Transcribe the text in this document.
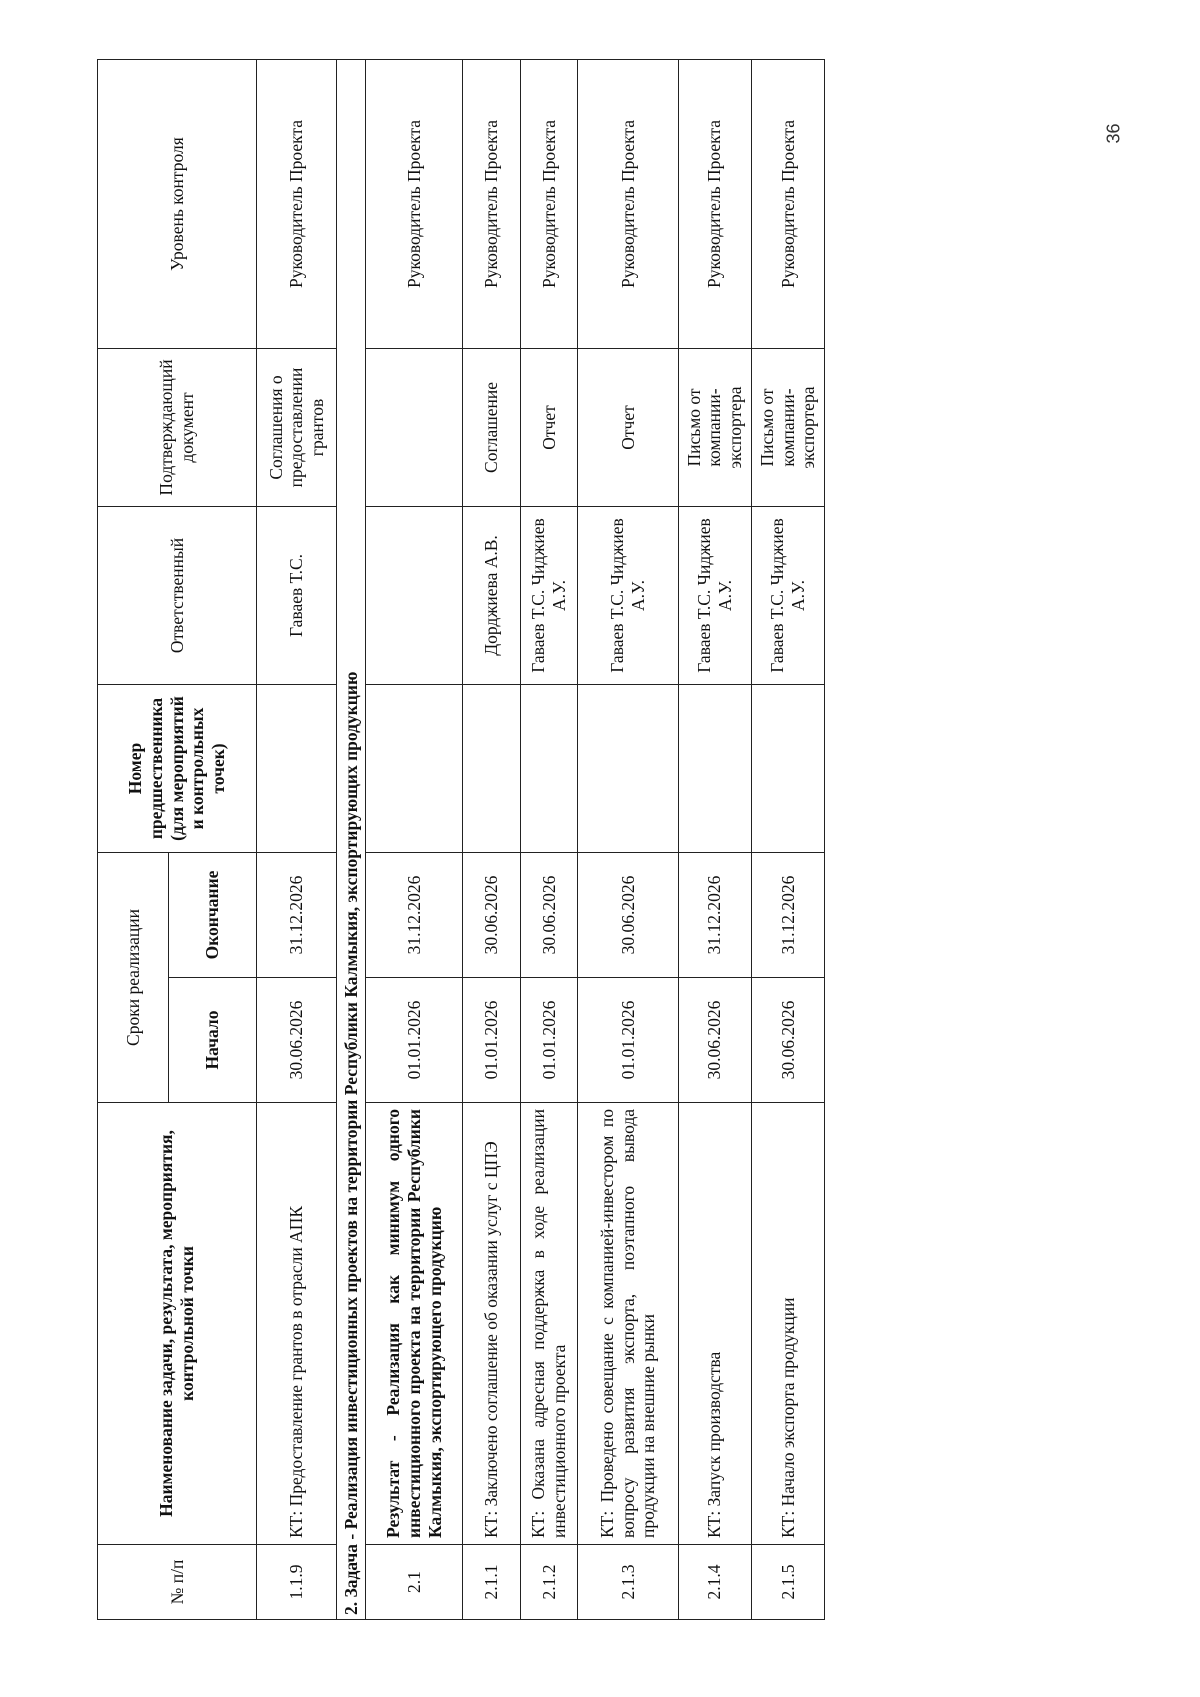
№ п/п	Наименование задачи, результата, мероприятия, контрольной точки	Сроки реализации		Номер предшественника (для мероприятий и контрольных точек)	Ответственный	Подтверждающий документ	Уровень контроля
		Начало	Окончание				
1.1.9	КТ: Предоставление грантов в отрасли АПК	30.06.2026	31.12.2026		Гаваев Т.С.	Соглашения о предоставлении грантов	Руководитель Проекта
2. Задача - Реализация инвестиционных проектов на территории Республики Калмыкия, экспортирующих продукцию							
2.1	Результат - Реализация как минимум одного инвестиционного проекта на территории Республики Калмыкия, экспортирующего продукцию	01.01.2026	31.12.2026				Руководитель Проекта
2.1.1	КТ: Заключено соглашение об оказании услуг с ЦПЭ	01.01.2026	30.06.2026		Дорджиева А.В.	Соглашение	Руководитель Проекта
2.1.2	КТ: Оказана адресная поддержка в ходе реализации инвестиционного проекта	01.01.2026	30.06.2026		Гаваев Т.С. Чиджиев А.У.	Отчет	Руководитель Проекта
2.1.3	КТ: Проведено совещание с компанией-инвестором по вопросу развития экспорта, поэтапного вывода продукции на внешние рынки	01.01.2026	30.06.2026		Гаваев Т.С. Чиджиев А.У.	Отчет	Руководитель Проекта
2.1.4	КТ: Запуск производства	30.06.2026	31.12.2026		Гаваев Т.С. Чиджиев А.У.	Письмо от компании-экспортера	Руководитель Проекта
2.1.5	КТ: Начало экспорта продукции	30.06.2026	31.12.2026		Гаваев Т.С. Чиджиев А.У.	Письмо от компании-экспортера	Руководитель Проекта	36
